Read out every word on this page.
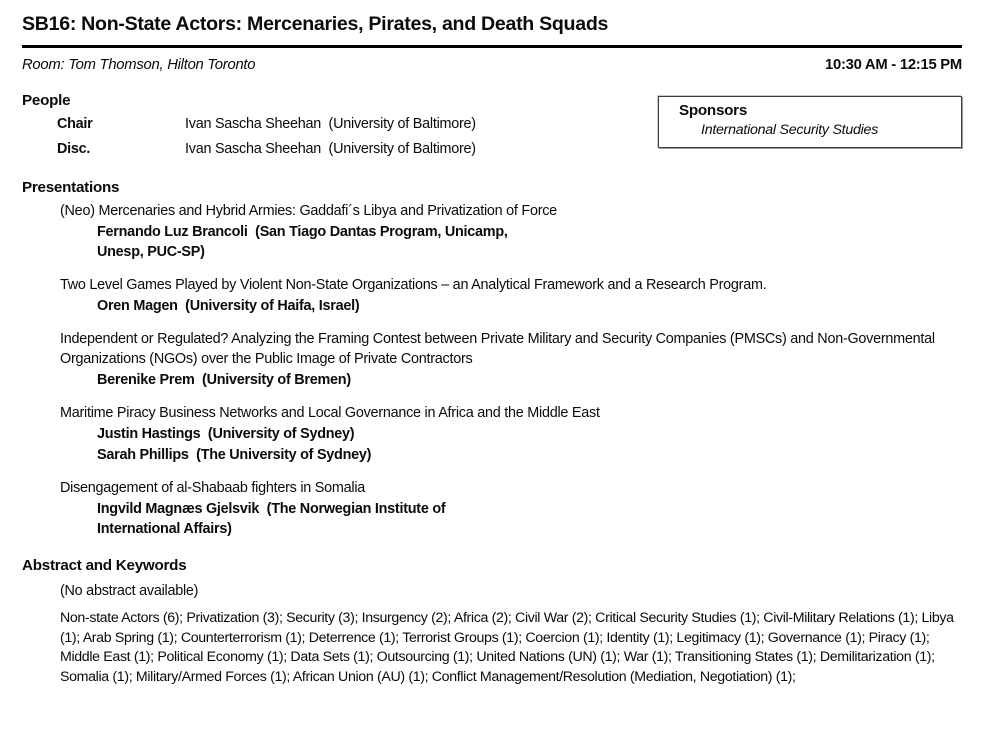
SB16: Non-State Actors: Mercenaries, Pirates, and Death Squads
Room: Tom Thomson, Hilton Toronto	10:30 AM - 12:15 PM
Sponsors
International Security Studies
People
Chair	Ivan Sascha Sheehan  (University of Baltimore)
Disc.	Ivan Sascha Sheehan  (University of Baltimore)
Presentations
(Neo) Mercenaries and Hybrid Armies: Gaddafi´s Libya and Privatization of Force
Fernando Luz Brancoli  (San Tiago Dantas Program, Unicamp,
Unesp, PUC-SP)
Two Level Games Played by Violent Non-State Organizations – an Analytical Framework and a Research Program.
Oren Magen  (University of Haifa, Israel)
Independent or Regulated? Analyzing the Framing Contest between Private Military and Security Companies (PMSCs) and Non-Governmental Organizations (NGOs) over the Public Image of Private Contractors
Berenike Prem  (University of Bremen)
Maritime Piracy Business Networks and Local Governance in Africa and the Middle East
Justin Hastings  (University of Sydney)
Sarah Phillips  (The University of Sydney)
Disengagement of al-Shabaab fighters in Somalia
Ingvild Magnæs Gjelsvik  (The Norwegian Institute of
International Affairs)
Abstract and Keywords
(No abstract available)

Non-state Actors (6); Privatization (3); Security (3); Insurgency (2); Africa (2); Civil War (2); Critical Security Studies (1); Civil-Military Relations (1); Libya (1); Arab Spring (1); Counterterrorism (1); Deterrence (1); Terrorist Groups (1); Coercion (1); Identity (1); Legitimacy (1); Governance (1); Piracy (1); Middle East (1); Political Economy (1); Data Sets (1); Outsourcing (1); United Nations (UN) (1); War (1); Transitioning States (1); Demilitarization (1); Somalia (1); Military/Armed Forces (1); African Union (AU) (1); Conflict Management/Resolution (Mediation, Negotiation) (1);
